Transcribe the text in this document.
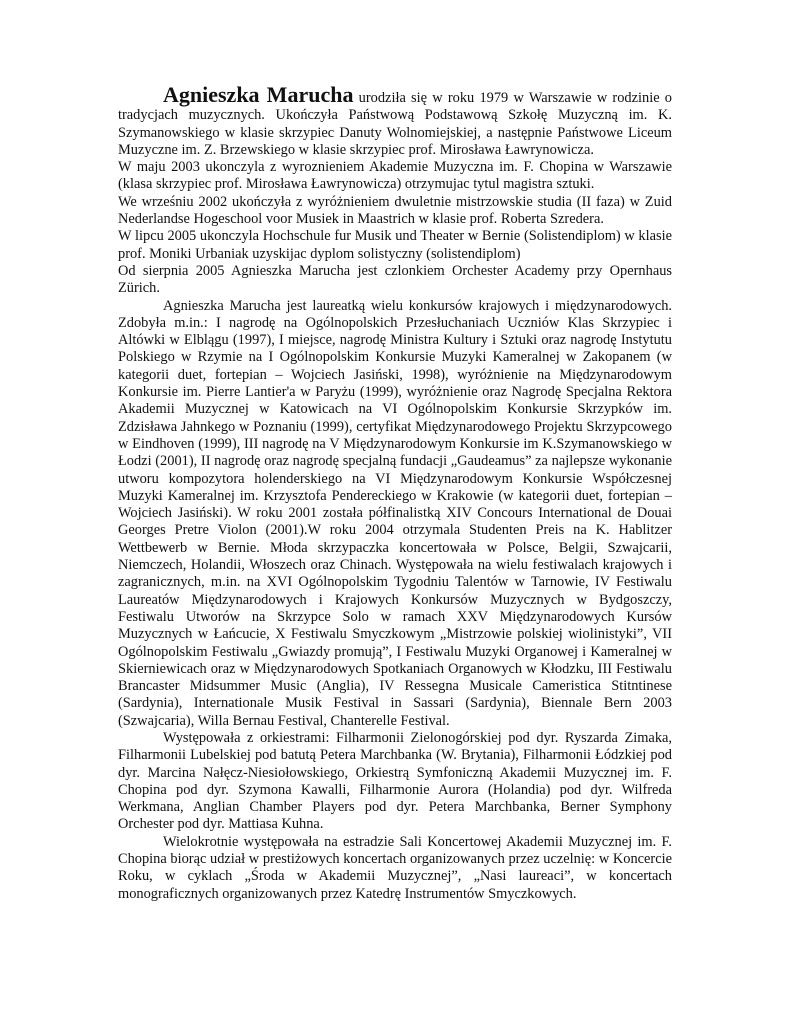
Agnieszka Marucha urodziła się w roku 1979 w Warszawie w rodzinie o tradycjach muzycznych. Ukończyła Państwową Podstawową Szkołę Muzyczną im. K. Szymanowskiego w klasie skrzypiec Danuty Wolnomiejskiej, a następnie Państwowe Liceum Muzyczne im. Z. Brzewskiego w klasie skrzypiec prof. Mirosława Ławrynowicza.

W maju 2003 ukonczyla z wyroznieniem Akademie Muzyczna im. F. Chopina w Warszawie (klasa skrzypiec prof. Mirosława Ławrynowicza) otrzymujac tytul magistra sztuki.

We wrześniu 2002 ukończyła z wyróżnieniem dwuletnie mistrzowskie studia (II faza) w Zuid Nederlandse Hogeschool voor Musiek in Maastrich w klasie prof. Roberta Szredera.

W lipcu 2005 ukonczyla Hochschule fur Musik und Theater w Bernie (Solistendiplom) w klasie prof. Moniki Urbaniak uzyskijac dyplom solistyczny (solistendiplom)

Od sierpnia 2005 Agnieszka Marucha jest czlonkiem Orchester Academy przy Opernhaus Zürich.

Agnieszka Marucha jest laureatką wielu konkursów krajowych i międzynarodowych. Zdobyła m.in.: I nagrodę na Ogólnopolskich Przesłuchaniach Uczniów Klas Skrzypiec i Altówki w Elblągu (1997), I miejsce, nagrodę Ministra Kultury i Sztuki oraz nagrodę Instytutu Polskiego w Rzymie na I Ogólnopolskim Konkursie Muzyki Kameralnej w Zakopanem (w kategorii duet, fortepian – Wojciech Jasiński, 1998), wyróżnienie na Międzynarodowym Konkursie im. Pierre Lantier'a w Paryżu (1999), wyróżnienie oraz Nagrodę Specjalna Rektora Akademii Muzycznej w Katowicach na VI Ogólnopolskim Konkursie Skrzypków im. Zdzisława Jahnkego w Poznaniu (1999), certyfikat Międzynarodowego Projektu Skrzypcowego w Eindhoven (1999), III nagrodę na V Międzynarodowym Konkursie im K.Szymanowskiego w Łodzi (2001), II nagrodę oraz nagrodę specjalną fundacji „Gaudeamus” za najlepsze wykonanie utworu kompozytora holenderskiego na VI Międzynarodowym Konkursie Współczesnej Muzyki Kameralnej im. Krzysztofa Pendereckiego w Krakowie (w kategorii duet, fortepian – Wojciech Jasiński). W roku 2001 została półfinalistką XIV Concours International de Douai Georges Pretre Violon (2001).W roku 2004 otrzymala Studenten Preis na K. Hablitzer Wettbewerb w Bernie. Młoda skrzypaczka koncertowała w Polsce, Belgii, Szwajcarii, Niemczech, Holandii, Włoszech oraz Chinach. Występowała na wielu festiwalach krajowych i zagranicznych, m.in. na XVI Ogólnopolskim Tygodniu Talentów w Tarnowie, IV Festiwalu Laureatów Międzynarodowych i Krajowych Konkursów Muzycznych w Bydgoszczy, Festiwalu Utworów na Skrzypce Solo w ramach XXV Międzynarodowych Kursów Muzycznych w Łańcucie, X Festiwalu Smyczkowym „Mistrzowie polskiej wiolinistyki”, VII Ogólnopolskim Festiwalu „Gwiazdy promują”, I Festiwalu Muzyki Organowej i Kameralnej w Skierniewicach oraz w Międzynarodowych Spotkaniach Organowych w Kłodzku, III Festiwalu Brancaster Midsummer Music (Anglia), IV Ressegna Musicale Cameristica Stitntinese (Sardynia), Internationale Musik Festival in Sassari (Sardynia), Biennale Bern 2003 (Szwajcaria), Willa Bernau Festival, Chanterelle Festival.

Występowała z orkiestrami: Filharmonii Zielonogórskiej pod dyr. Ryszarda Zimaka, Filharmonii Lubelskiej pod batutą Petera Marchbanka (W. Brytania), Filharmonii Łódzkiej pod dyr. Marcina Nałęcz-Niesiołowskiego, Orkiestrą Symfoniczną Akademii Muzycznej im. F. Chopina pod dyr. Szymona Kawalli, Filharmonie Aurora (Holandia) pod dyr. Wilfreda Werkmana, Anglian Chamber Players pod dyr. Petera Marchbanka, Berner Symphony Orchester pod dyr. Mattiasa Kuhna.

Wielokrotnie występowała na estradzie Sali Koncertowej Akademii Muzycznej im. F. Chopina biorąc udział w prestiżowych koncertach organizowanych przez uczelnię: w Koncercie Roku, w cyklach „Środa w Akademii Muzycznej”, „Nasi laureaci”, w koncertach monograficznych organizowanych przez Katedrę Instrumentów Smyczkowych.
